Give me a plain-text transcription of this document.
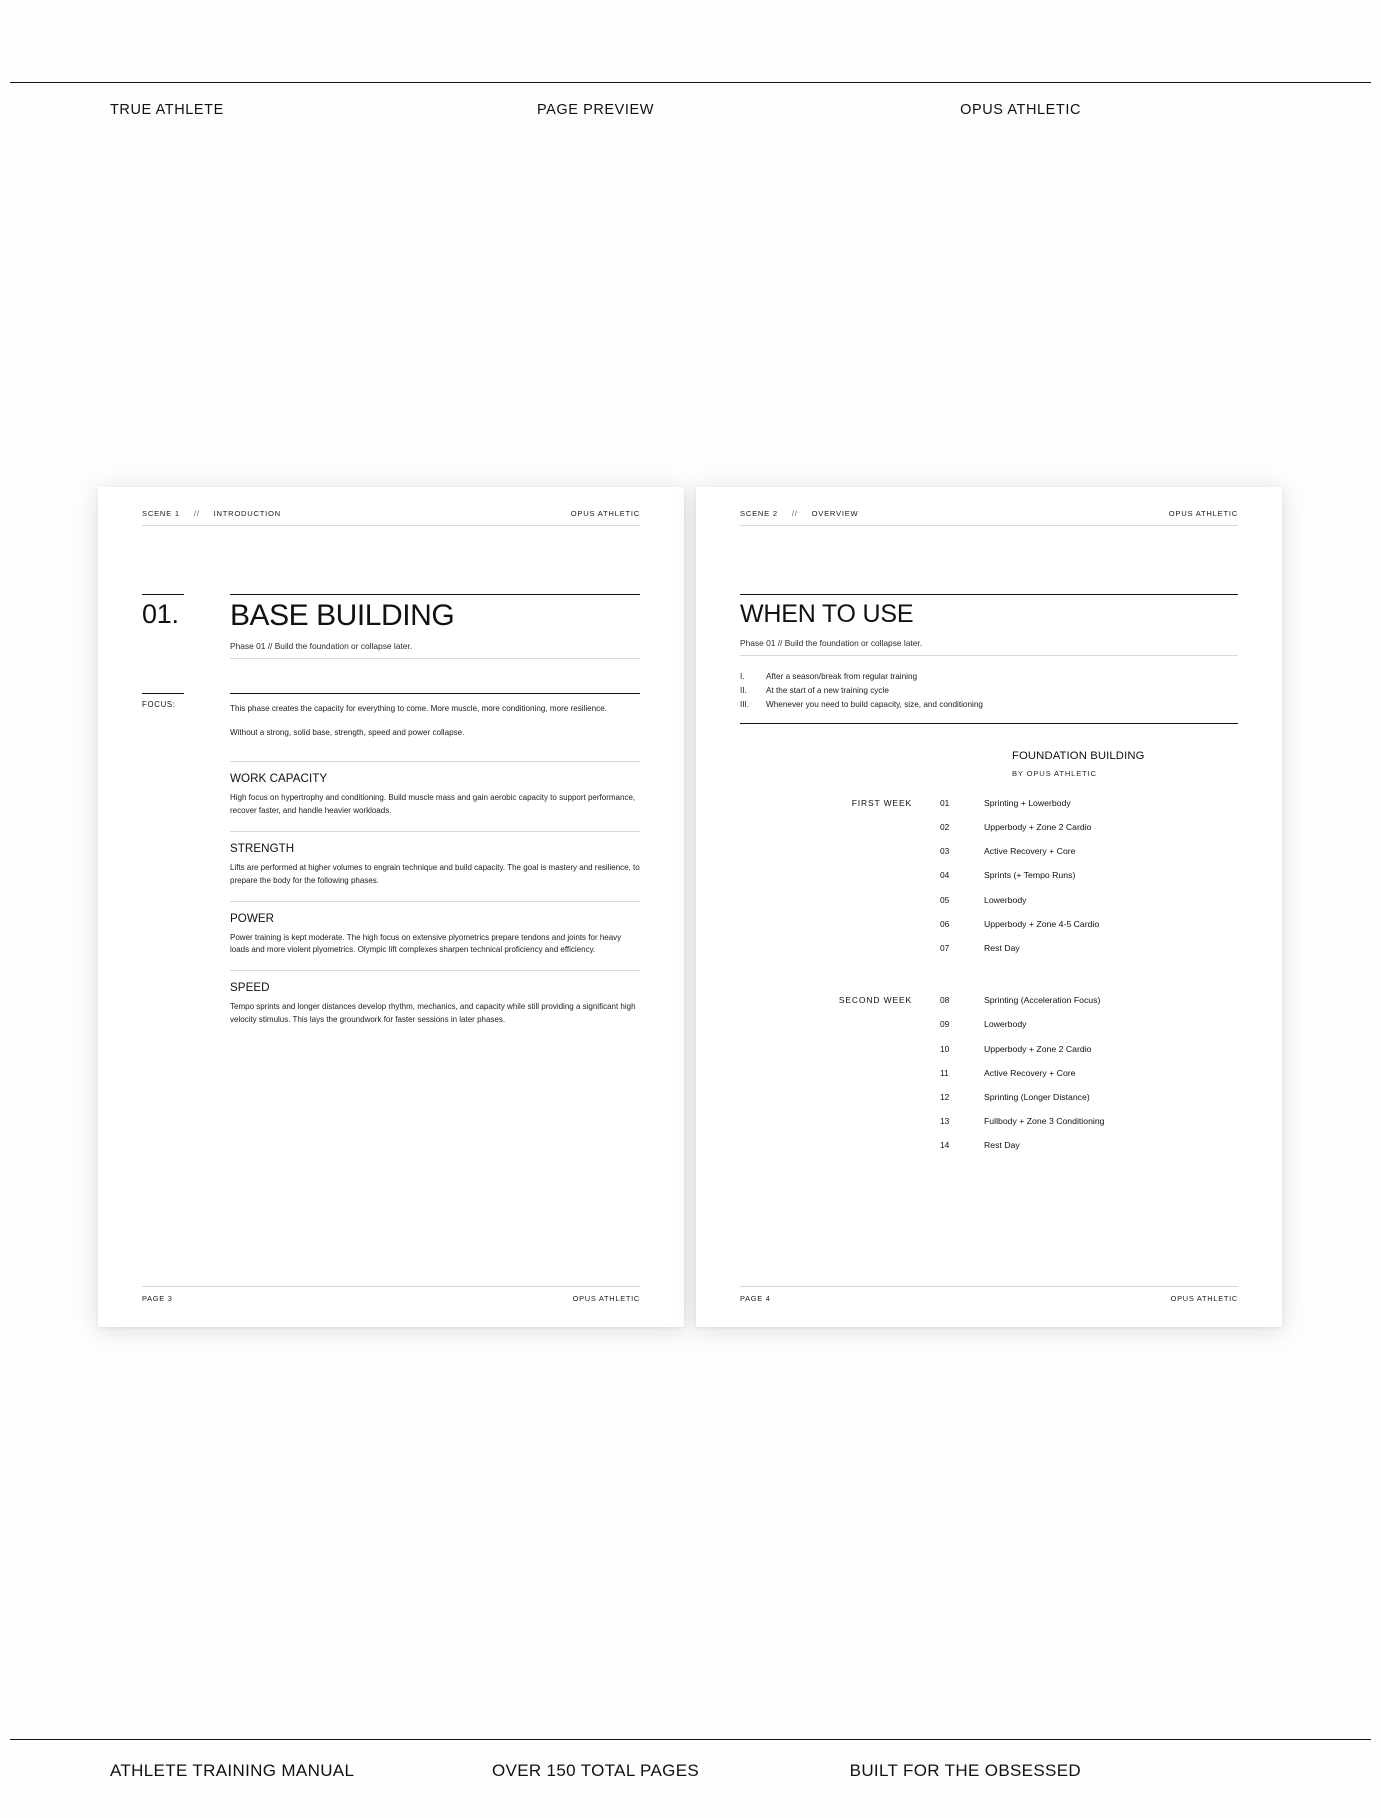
TRUE ATHLETE	PAGE PREVIEW	OPUS ATHLETIC
SCENE 1 // INTRODUCTION	OPUS ATHLETIC
01.	BASE BUILDING
Phase 01 // Build the foundation or collapse later.
FOCUS:	This phase creates the capacity for everything to come. More muscle, more conditioning, more resilience.

Without a strong, solid base, strength, speed and power collapse.

WORK CAPACITY

High focus on hypertrophy and conditioning. Build muscle mass and gain aerobic capacity to support performance, recover faster, and handle heavier workloads.

STRENGTH

Lifts are performed at higher volumes to engrain technique and build capacity. The goal is mastery and resilience, to prepare the body for the following phases.

POWER

Power training is kept moderate. The high focus on extensive plyometrics prepare tendons and joints for heavy loads and more violent plyometrics. Olympic lift complexes sharpen technical proficiency and efficiency.

SPEED

Tempo sprints and longer distances develop rhythm, mechanics, and capacity while still providing a significant high velocity stimulus. This lays the groundwork for faster sessions in later phases.

PAGE 3	OPUS ATHLETIC
SCENE 2 // OVERVIEW	OPUS ATHLETIC
WHEN TO USE
Phase 01 // Build the foundation or collapse later.
I.	After a season/break from regular training
II.	At the start of a new training cycle
III.	Whenever you need to build capacity, size, and conditioning
FOUNDATION BUILDING
BY OPUS ATHLETIC
FIRST WEEK	01	Sprinting + Lowerbody
02	Upperbody + Zone 2 Cardio
03	Active Recovery + Core
04	Sprints (+ Tempo Runs)
05	Lowerbody
06	Upperbody + Zone 4-5 Cardio
07	Rest Day
SECOND WEEK	08	Sprinting (Acceleration Focus)
09	Lowerbody
10	Upperbody + Zone 2 Cardio
11	Active Recovery + Core
12	Sprinting (Longer Distance)
13	Fullbody + Zone 3 Conditioning
14	Rest Day
PAGE 4	OPUS ATHLETIC
ATHLETE TRAINING MANUAL	OVER 150 TOTAL PAGES	BUILT FOR THE OBSESSED
